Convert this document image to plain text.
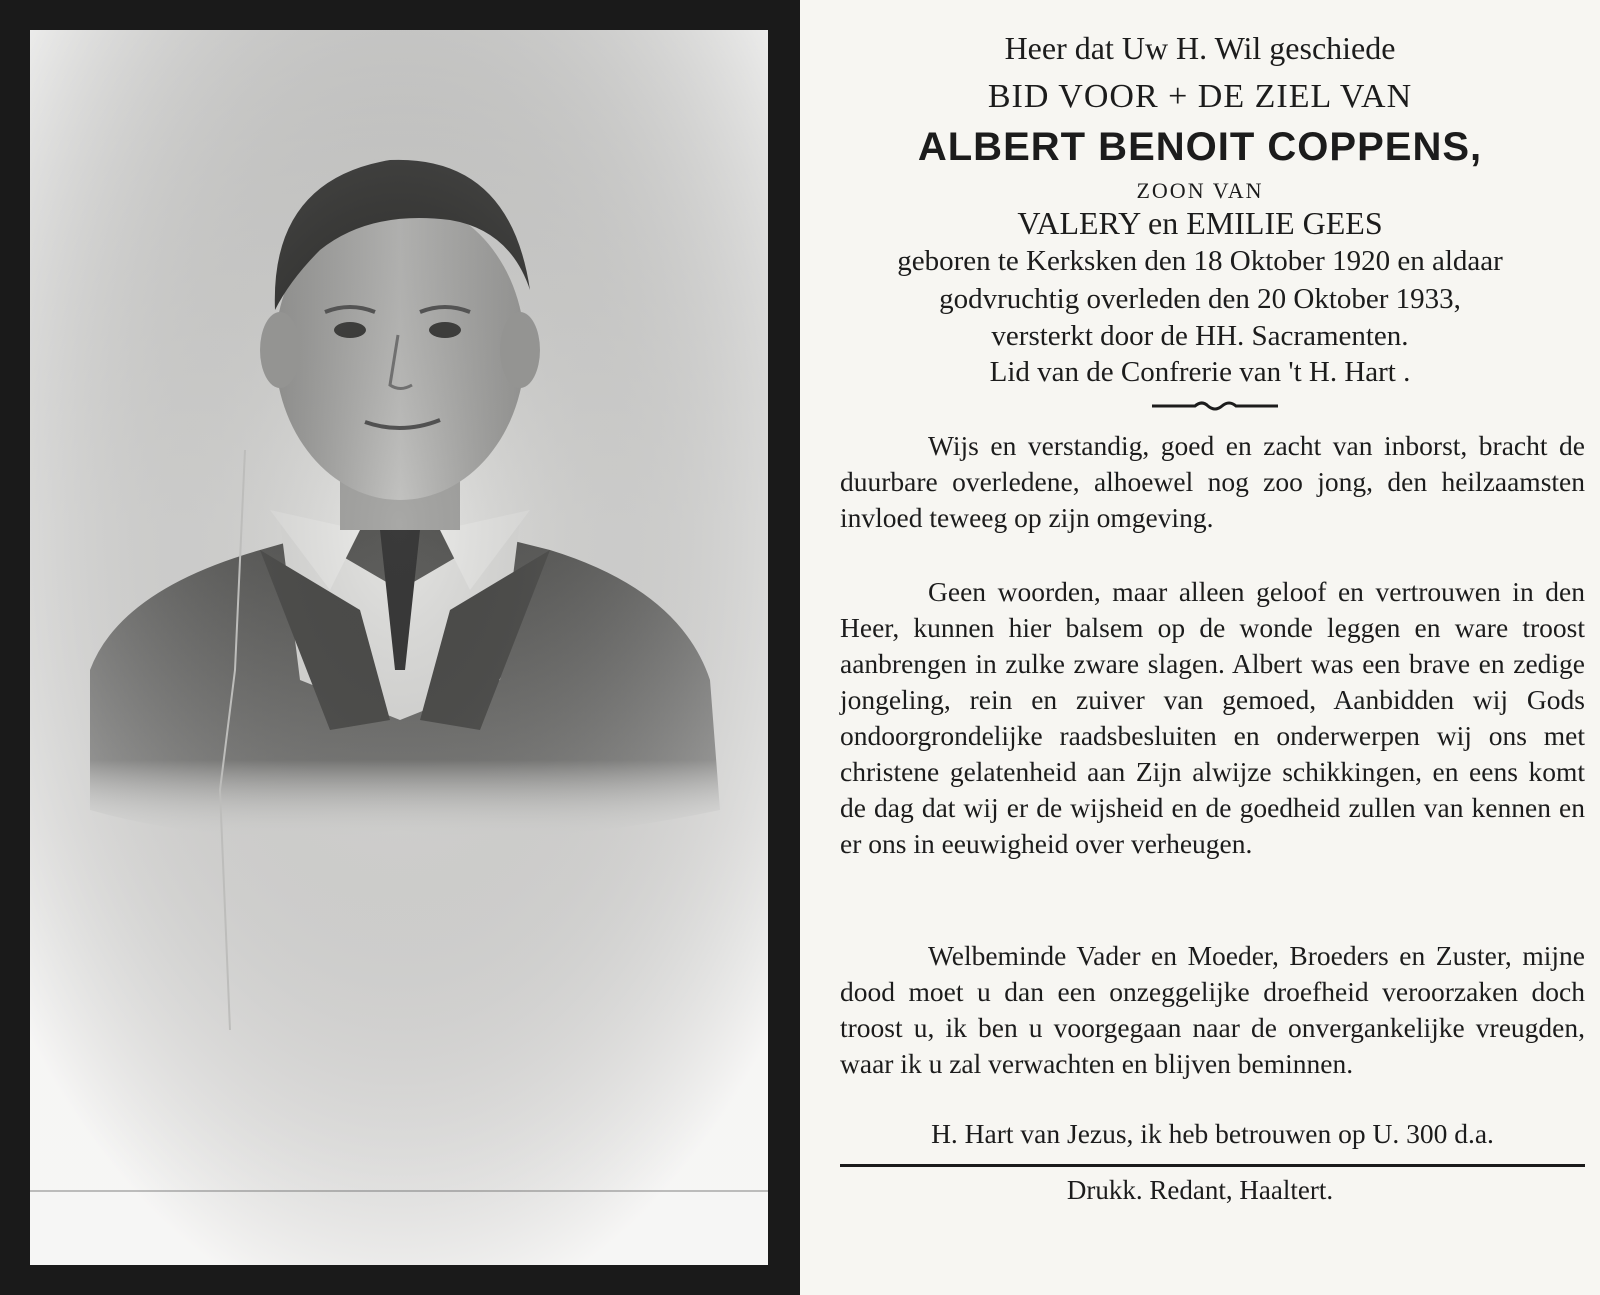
Heer dat Uw H. Wil geschiede
BID VOOR + DE ZIEL VAN
ALBERT BENOIT COPPENS,
ZOON VAN
VALERY en EMILIE GEES
geboren te Kerksken den 18 Oktober 1920 en aldaar
godvruchtig overleden den 20 Oktober 1933,
versterkt door de HH. Sacramenten.
Lid van de Confrerie van 't H. Hart .
Wijs en verstandig, goed en zacht van inborst, bracht de duurbare overledene, alhoewel nog zoo jong, den heilzaamsten invloed teweeg op zijn omgeving.
Geen woorden, maar alleen geloof en vertrouwen in den Heer, kunnen hier balsem op de wonde leggen en ware troost aanbrengen in zulke zware slagen. Albert was een brave en zedige jongeling, rein en zuiver van gemoed, Aanbidden wij Gods ondoorgrondelijke raadsbesluiten en onderwerpen wij ons met christene gelatenheid aan Zijn alwijze schikkingen, en eens komt de dag dat wij er de wijsheid en de goedheid zullen van kennen en er ons in eeuwigheid over verheugen.
Welbeminde Vader en Moeder, Broeders en Zuster, mijne dood moet u dan een onzeggelijke droefheid veroorzaken doch troost u, ik ben u voorgegaan naar de onvergankelijke vreugden, waar ik u zal verwachten en blijven beminnen.
H. Hart van Jezus, ik heb betrouwen op U. 300 d.a.
Drukk. Redant, Haaltert.
